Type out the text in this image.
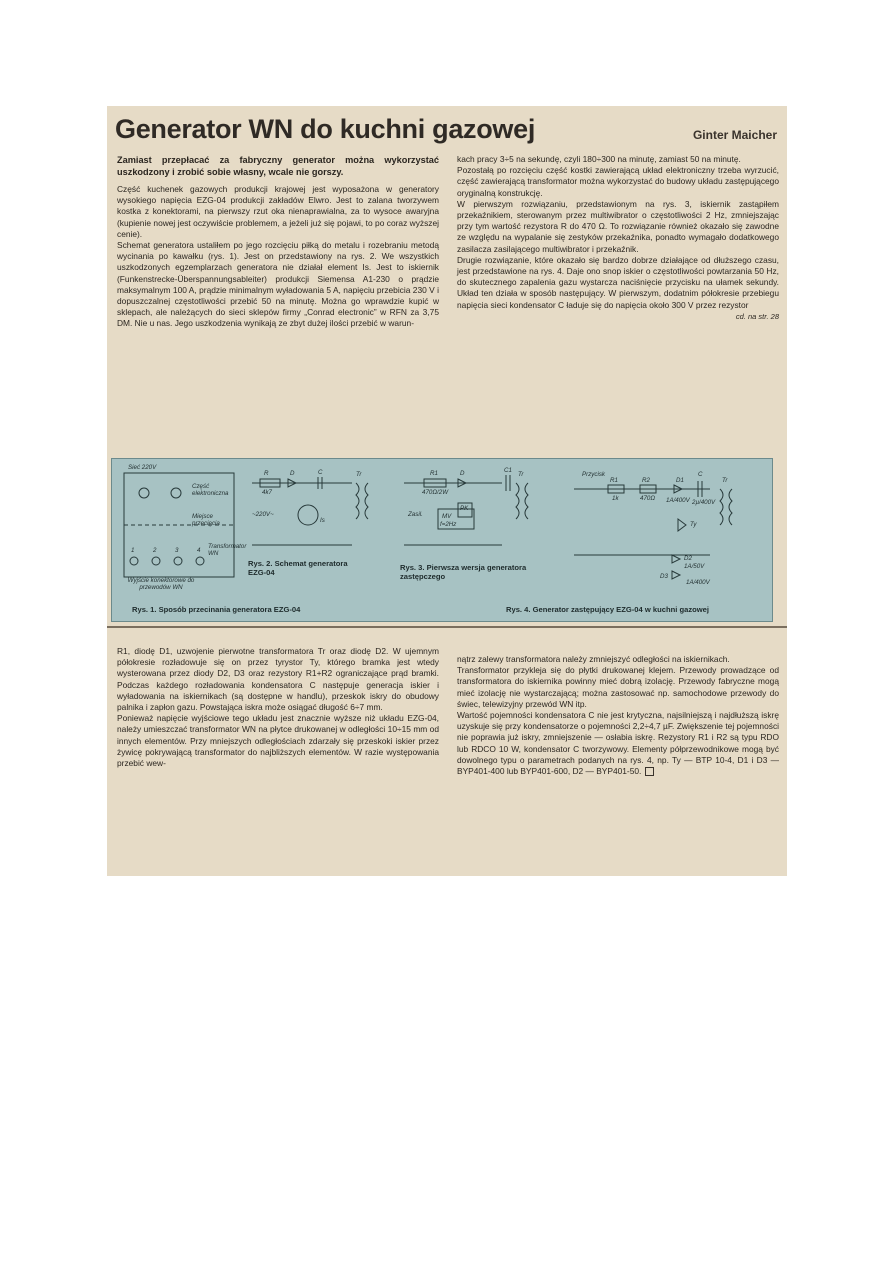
Generator WN do kuchni gazowej	Ginter Maicher

Zamiast przepłacać za fabryczny generator można wykorzystać uszkodzony i zrobić sobie własny, wcale nie gorszy.

Część kuchenek gazowych produkcji krajowej jest wyposażona w generatory wysokiego napięcia EZG-04 produkcji zakładów Elwro. Jest to zalana tworzywem kostka z konektorami, na pierwszy rzut oka nienaprawialna, za to wysoce awaryjna (kupienie nowej jest oczywiście problemem, a jeżeli już się pojawi, to po coraz wyższej cenie).

Schemat generatora ustaliłem po jego rozcięciu piłką do metalu i rozebraniu metodą wycinania po kawałku (rys. 1). Jest on przedstawiony na rys. 2. We wszystkich uszkodzonych egzemplarzach generatora nie działał element Is. Jest to iskiernik (Funkenstrecke-Überspannungsableiter) produkcji Siemensa A1-230 o prądzie maksymalnym 100 A, prądzie minimalnym wyładowania 5 A, napięciu przebicia 230 V i dopuszczalnej częstotliwości przebić 50 na minutę. Można go wprawdzie kupić w sklepach, ale należących do sieci sklepów firmy „Conrad electronic” w RFN za 3,75 DM. Nie u nas. Jego uszkodzenia wynikają ze zbyt dużej ilości przebić w warun-

kach pracy 3÷5 na sekundę, czyli 180÷300 na minutę, zamiast 50 na minutę.

Pozostałą po rozcięciu część kostki zawierającą układ elektroniczny trzeba wyrzucić, część zawierającą transformator można wykorzystać do budowy układu zastępującego oryginalną konstrukcję.

W pierwszym rozwiązaniu, przedstawionym na rys. 3, iskiernik zastąpiłem przekaźnikiem, sterowanym przez multiwibrator o częstotliwości 2 Hz, zmniejszając przy tym wartość rezystora R do 470 Ω. To rozwiązanie również okazało się zawodne ze względu na wypalanie się zestyków przekaźnika, ponadto wymagało dodatkowego zasilacza zasilającego multiwibrator i przekaźnik.

Drugie rozwiązanie, które okazało się bardzo dobrze działające od dłuższego czasu, jest przedstawione na rys. 4. Daje ono snop iskier o częstotliwości powtarzania 50 Hz, do skutecznego zapalenia gazu wystarcza naciśnięcie przycisku na ułamek sekundy. Układ ten działa w sposób następujący. W pierwszym, dodatnim półokresie przebiegu napięcia sieci kondensator C ładuje się do napięcia około 300 V przez rezystor

cd. na str. 28

Sieć 220V
Część elektroniczna
Miejsce przecięcia
Transformator WN
Wyjście konektorowe do przewodów WN
1	2	3	4
R
4k7
D	C
Is
Tr
~220V~
R1
470Ω/2W
D	C1
Tr
Zasil.	MV
f=2Hz
PK
Przycisk
R1
1k
R2
470Ω
D1
1A/400V
C
2µ/400V
Tr
Ty
D2
D3
1A/50V
1A/400V
Rys. 2. Schemat generatora EZG-04
Rys. 3. Pierwsza wersja generatora zastępczego
Rys. 1. Sposób przecinania generatora EZG-04	Rys. 4. Generator zastępujący EZG-04 w kuchni gazowej

R1, diodę D1, uzwojenie pierwotne transformatora Tr oraz diodę D2. W ujemnym półokresie rozładowuje się on przez tyrystor Ty, którego bramka jest wtedy wysterowana przez diody D2, D3 oraz rezystory R1+R2 ograniczające prąd bramki. Podczas każdego rozładowania kondensatora C następuje generacja iskier i wyładowania na iskiernikach (są dostępne w handlu), przeskok iskry do obudowy palnika i zapłon gazu. Powstająca iskra może osiągać długość 6÷7 mm.

Ponieważ napięcie wyjściowe tego układu jest znacznie wyższe niż układu EZG-04, należy umieszczać transformator WN na płytce drukowanej w odległości 10÷15 mm od innych elementów. Przy mniejszych odległościach zdarzały się przeskoki iskier przez żywicę pokrywającą transformator do najbliższych elementów. W razie występowania przebić wew-

nątrz zalewy transformatora należy zmniejszyć odległości na iskiernikach.

Transformator przykleja się do płytki drukowanej klejem. Przewody prowadzące od transformatora do iskiernika powinny mieć dobrą izolację. Przewody fabryczne mogą mieć izolację nie wystarczającą; można zastosować np. samochodowe przewody do świec, telewizyjny przewód WN itp.

Wartość pojemności kondensatora C nie jest krytyczna, najsilniejszą i najdłuższą iskrę uzyskuje się przy kondensatorze o pojemności 2,2÷4,7 µF. Zwiększenie tej pojemności nie poprawia już iskry, zmniejszenie — osłabia iskrę. Rezystory R1 i R2 są typu RDO lub RDCO 10 W, kondensator C tworzywowy. Elementy półprzewodnikowe mogą być dowolnego typu o parametrach podanych na rys. 4, np. Ty — BTP 10-4, D1 i D3 — BYP401-400 lub BYP401-600, D2 — BYP401-50.
